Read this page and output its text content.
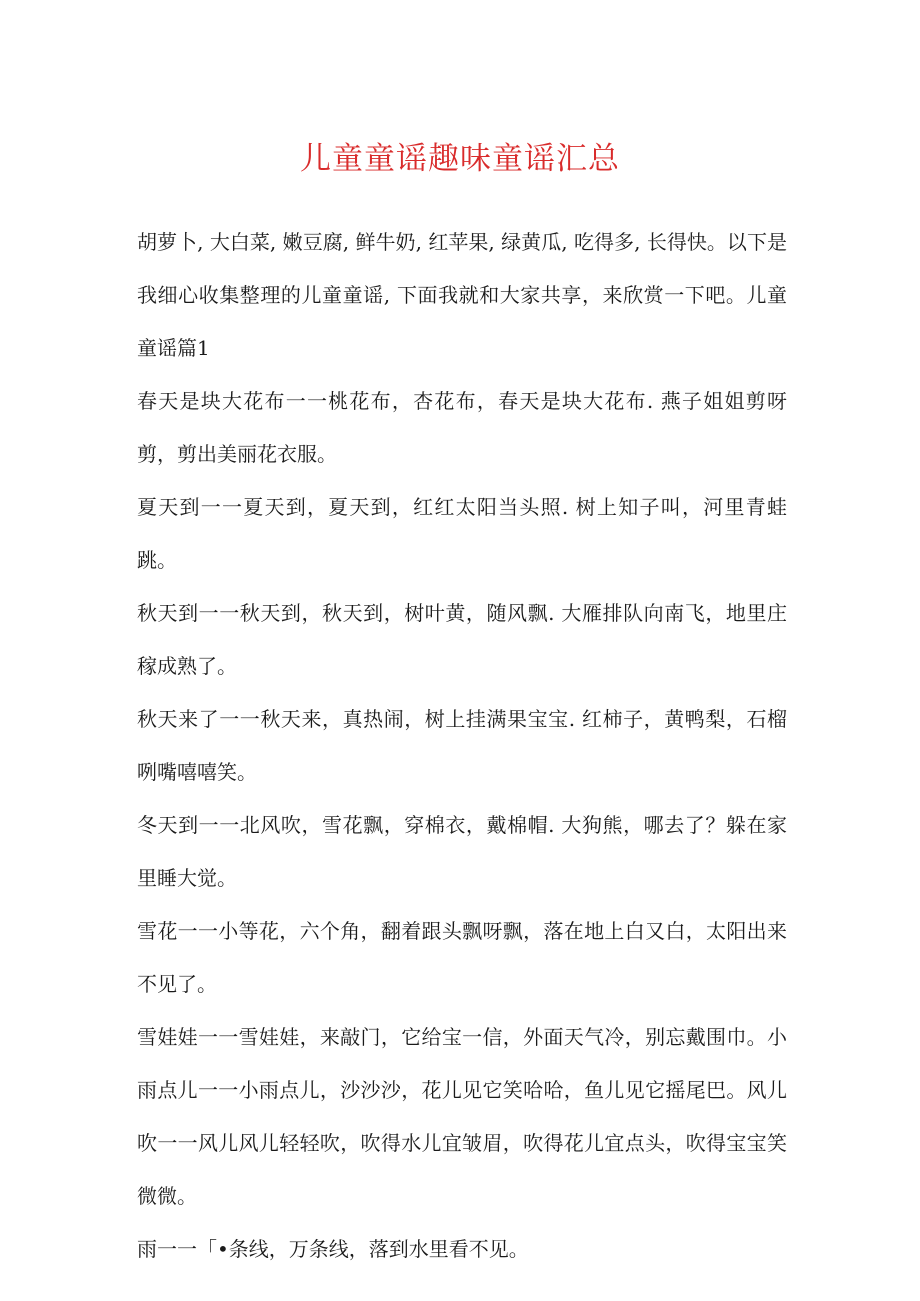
儿童童谣趣味童谣汇总

胡萝卜, 大白菜, 嫩豆腐, 鲜牛奶, 红苹果, 绿黄瓜, 吃得多, 长得快。以下是我细心收集整理的儿童童谣, 下面我就和大家共享，来欣赏一下吧。儿童童谣篇1

春天是块大花布一一桃花布，杏花布，春天是块大花布. 燕子姐姐剪呀剪，剪出美丽花衣服。

夏天到一一夏天到，夏天到，红红太阳当头照. 树上知子叫，河里青蛙跳。

秋天到一一秋天到，秋天到，树叶黄，随风飘. 大雁排队向南飞，地里庄稼成熟了。

秋天来了一一秋天来，真热闹，树上挂满果宝宝. 红柿子，黄鸭梨，石榴咧嘴嘻嘻笑。

冬天到一一北风吹，雪花飘，穿棉衣，戴棉帽. 大狗熊，哪去了？躲在家里睡大觉。

雪花一一小等花，六个角，翻着跟头飘呀飘，落在地上白又白，太阳出来不见了。

雪娃娃一一雪娃娃，来敲门，它给宝一信，外面天气冷，别忘戴围巾。小雨点儿一一小雨点儿，沙沙沙，花儿见它笑哈哈，鱼儿见它摇尾巴。风儿吹一一风儿风儿轻轻吹，吹得水儿宜皱眉，吹得花儿宜点头，吹得宝宝笑微微。

雨一一「•条线，万条线，落到水里看不见。
